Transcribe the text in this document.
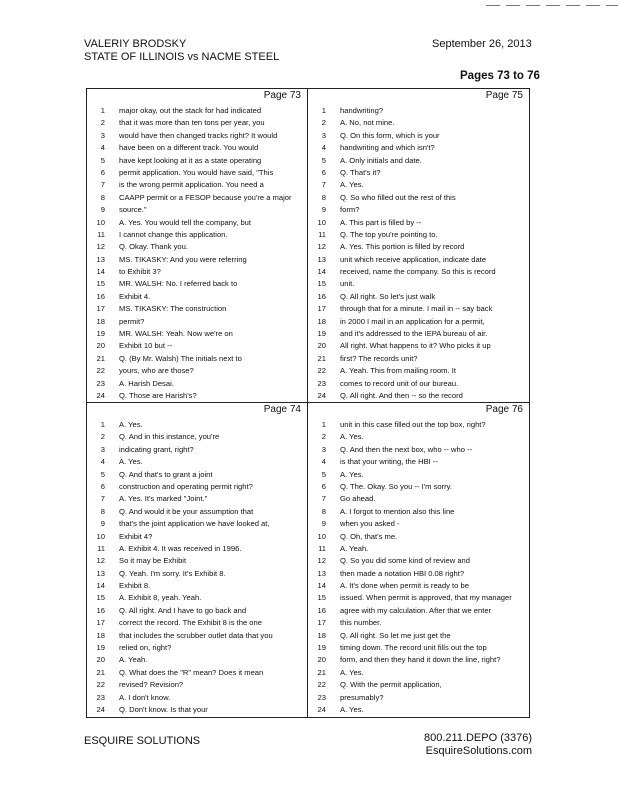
VALERIY BRODSKY
STATE OF ILLINOIS vs NACME STEEL
September 26, 2013
Pages 73 to 76
Page 73
1 major okay, out the stack for had indicated
2 that it was more than ten tons per year, you
3 would have then changed tracks right? It would
4 have been on a different track. You would
5 have kept looking at it as a state operating
6 permit application. You would have said, "This
7 is the wrong permit application. You need a
8 CAAPP permit or a FESOP because you're a major
9 source."
10 A. Yes. You would tell the company, but
11 I cannot change this application.
12 Q. Okay. Thank you.
13 MS. TIKASKY: And you were referring
14 to Exhibit 3?
15 MR. WALSH: No. I referred back to
16 Exhibit 4.
17 MS. TIKASKY: The construction
18 permit?
19 MR. WALSH: Yeah. Now we're on
20 Exhibit 10 but --
21 Q. (By Mr. Walsh) The initials next to
22 yours, who are those?
23 A. Harish Desai.
24 Q. Those are Harish's?
Page 75
1 handwriting?
2 A. No, not mine.
3 Q. On this form, which is your
4 handwriting and which isn't?
5 A. Only initials and date.
6 Q. That's it?
7 A. Yes.
8 Q. So who filled out the rest of this
9 form?
10 A. This part is filled by --
11 Q. The top you're pointing to.
12 A. Yes. This portion is filled by record
13 unit which receive application, indicate date
14 received, name the company. So this is record
15 unit.
16 Q. All right. So let's just walk
17 through that for a minute. I mail in -- say back
18 in 2000 I mail in an application for a permit,
19 and it's addressed to the IEPA bureau of air.
20 All right. What happens to it? Who picks it up
21 first? The records unit?
22 A. Yeah. This from mailing room. It
23 comes to record unit of our bureau.
24 Q. All right. And then -- so the record
Page 74
1 A. Yes.
2 Q. And in this instance, you're
3 indicating grant, right?
4 A. Yes.
5 Q. And that's to grant a joint
6 construction and operating permit right?
7 A. Yes. It's marked "Joint."
8 Q. And would it be your assumption that
9 that's the joint application we have looked at,
10 Exhibit 4?
11 A. Exhibit 4. It was received in 1996.
12 So it may be Exhibit
13 Q. Yeah. I'm sorry. It's Exhibit 8.
14 Exhibit 8.
15 A. Exhibit 8, yeah. Yeah.
16 Q. All right. And I have to go back and
17 correct the record. The Exhibit 8 is the one
18 that includes the scrubber outlet data that you
19 relied on, right?
20 A. Yeah.
21 Q. What does the "R" mean? Does it mean
22 revised? Revision?
23 A. I don't know.
24 Q. Don't know. Is that your
Page 76
1 unit in this case filled out the top box, right?
2 A. Yes.
3 Q. And then the next box, who -- who --
4 is that your writing, the HBI --
5 A. Yes.
6 Q. The. Okay. So you -- I'm sorry.
7 Go ahead.
8 A. I forgot to mention also this line
9 when you asked -
10 Q. Oh, that's me.
11 A. Yeah.
12 Q. So you did some kind of review and
13 then made a notation HBI 0.08 right?
14 A. It's done when permit is ready to be
15 issued. When permit is approved, that my manager
16 agree with my calculation. After that we enter
17 this number.
18 Q. All right. So let me just get the
19 timing down. The record unit fills out the top
20 form, and then they hand it down the line, right?
21 A. Yes.
22 Q. With the permit application,
23 presumably?
24 A. Yes.
ESQUIRE SOLUTIONS	800.211.DEPO (3376)
EsquireSolutions.com
